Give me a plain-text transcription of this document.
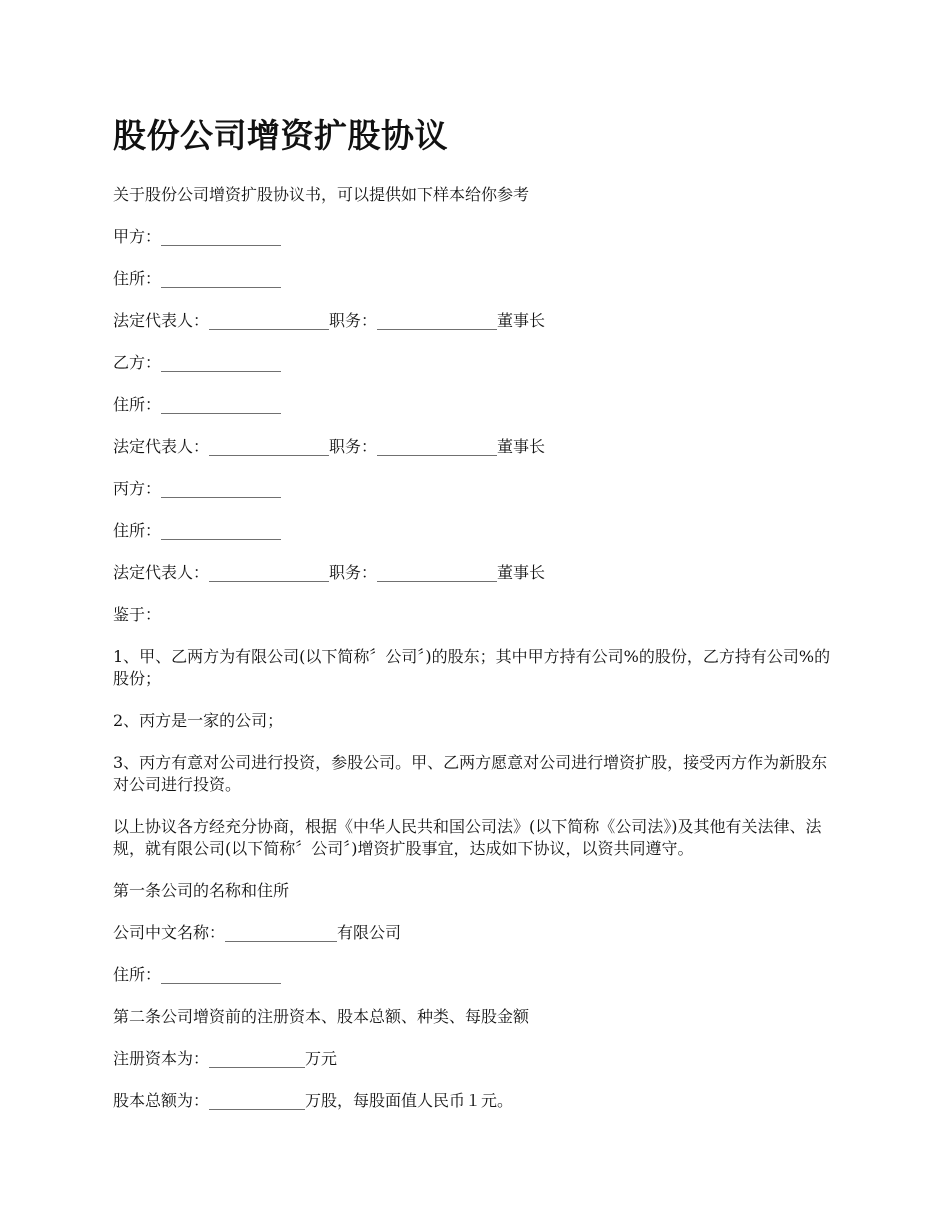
股份公司增资扩股协议

关于股份公司增资扩股协议书，可以提供如下样本给你参考

甲方：_______________

住所：_______________

法定代表人：_______________职务：_______________董事长

乙方：_______________

住所：_______________

法定代表人：_______________职务：_______________董事长

丙方：_______________

住所：_______________

法定代表人：_______________职务：_______________董事长

鉴于：

1、甲、乙两方为有限公司(以下简称〞公司〞)的股东；其中甲方持有公司%的股份，乙方持有公司%的股份；

2、丙方是一家的公司；

3、丙方有意对公司进行投资，参股公司。甲、乙两方愿意对公司进行增资扩股，接受丙方作为新股东对公司进行投资。

以上协议各方经充分协商，根据《中华人民共和国公司法》(以下简称《公司法》)及其他有关法律、法规，就有限公司(以下简称〞公司〞)增资扩股事宜，达成如下协议，以资共同遵守。

第一条公司的名称和住所

公司中文名称：______________有限公司

住所：_______________

第二条公司增资前的注册资本、股本总额、种类、每股金额

注册资本为：____________万元

股本总额为：____________万股，每股面值人民币１元。
